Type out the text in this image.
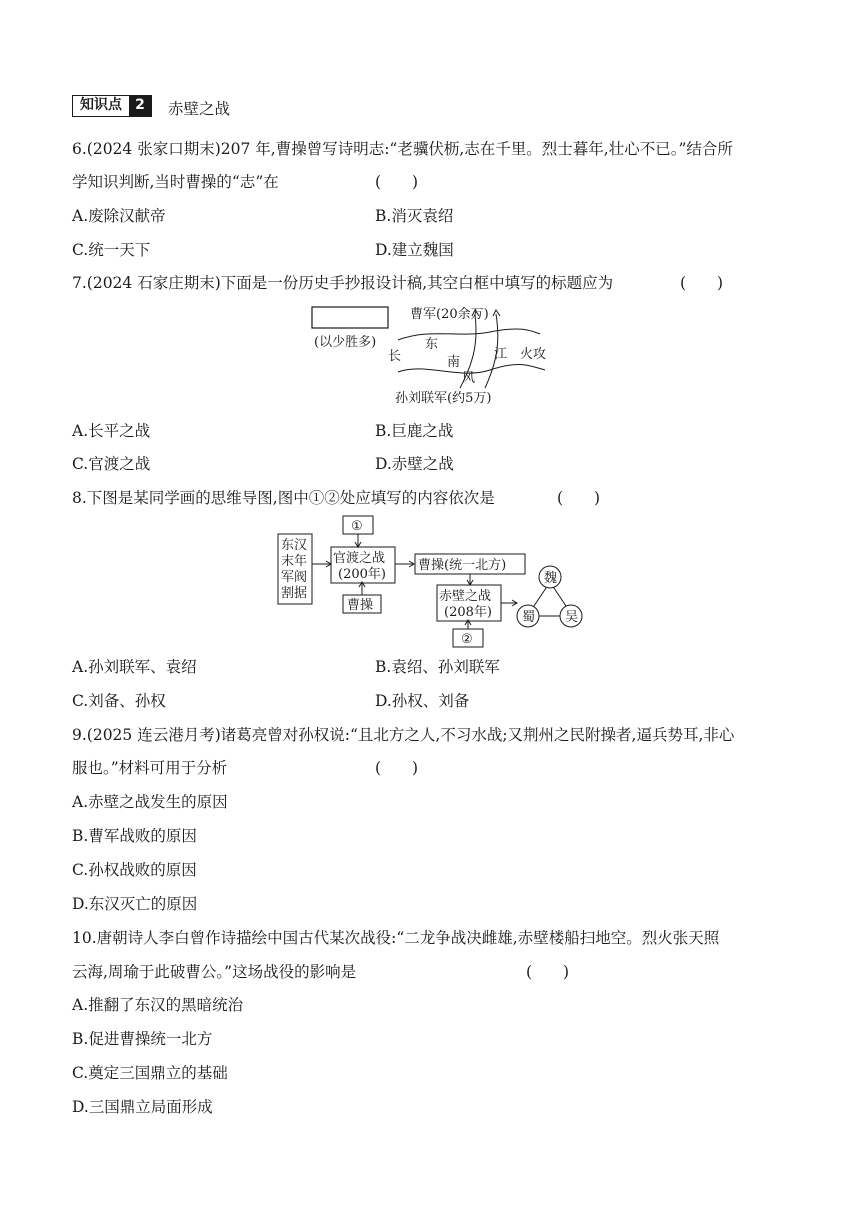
知识点 2	赤壁之战
6.(2024 张家口期末)207 年,曹操曾写诗明志:“老骥伏枥,志在千里。烈士暮年,壮心不已。”结合所
学知识判断,当时曹操的“志”在	(　　)
A.废除汉献帝	B.消灭袁绍
C.统一天下	D.建立魏国
7.(2024 石家庄期末)下面是一份历史手抄报设计稿,其空白框中填写的标题应为	(　　)
(以少胜多)
曹军(20余万)
长
东
南
风
江 火攻
孙刘联军(约5万)
A.长平之战	B.巨鹿之战
C.官渡之战	D.赤壁之战
8.下图是某同学画的思维导图,图中①②处应填写的内容依次是	(　　)
东汉
末年
军阀
割据
①
官渡之战
(200年)
曹操
曹操(统一北方)
赤壁之战
(208年)
②
魏
蜀 吴
A.孙刘联军、袁绍	B.袁绍、孙刘联军
C.刘备、孙权	D.孙权、刘备
9.(2025 连云港月考)诸葛亮曾对孙权说:“且北方之人,不习水战;又荆州之民附操者,逼兵势耳,非心
服也。”材料可用于分析	(　　)
A.赤壁之战发生的原因
B.曹军战败的原因
C.孙权战败的原因
D.东汉灭亡的原因
10.唐朝诗人李白曾作诗描绘中国古代某次战役:“二龙争战决雌雄,赤壁楼船扫地空。烈火张天照
云海,周瑜于此破曹公。”这场战役的影响是	(　　)
A.推翻了东汉的黑暗统治
B.促进曹操统一北方
C.奠定三国鼎立的基础
D.三国鼎立局面形成
